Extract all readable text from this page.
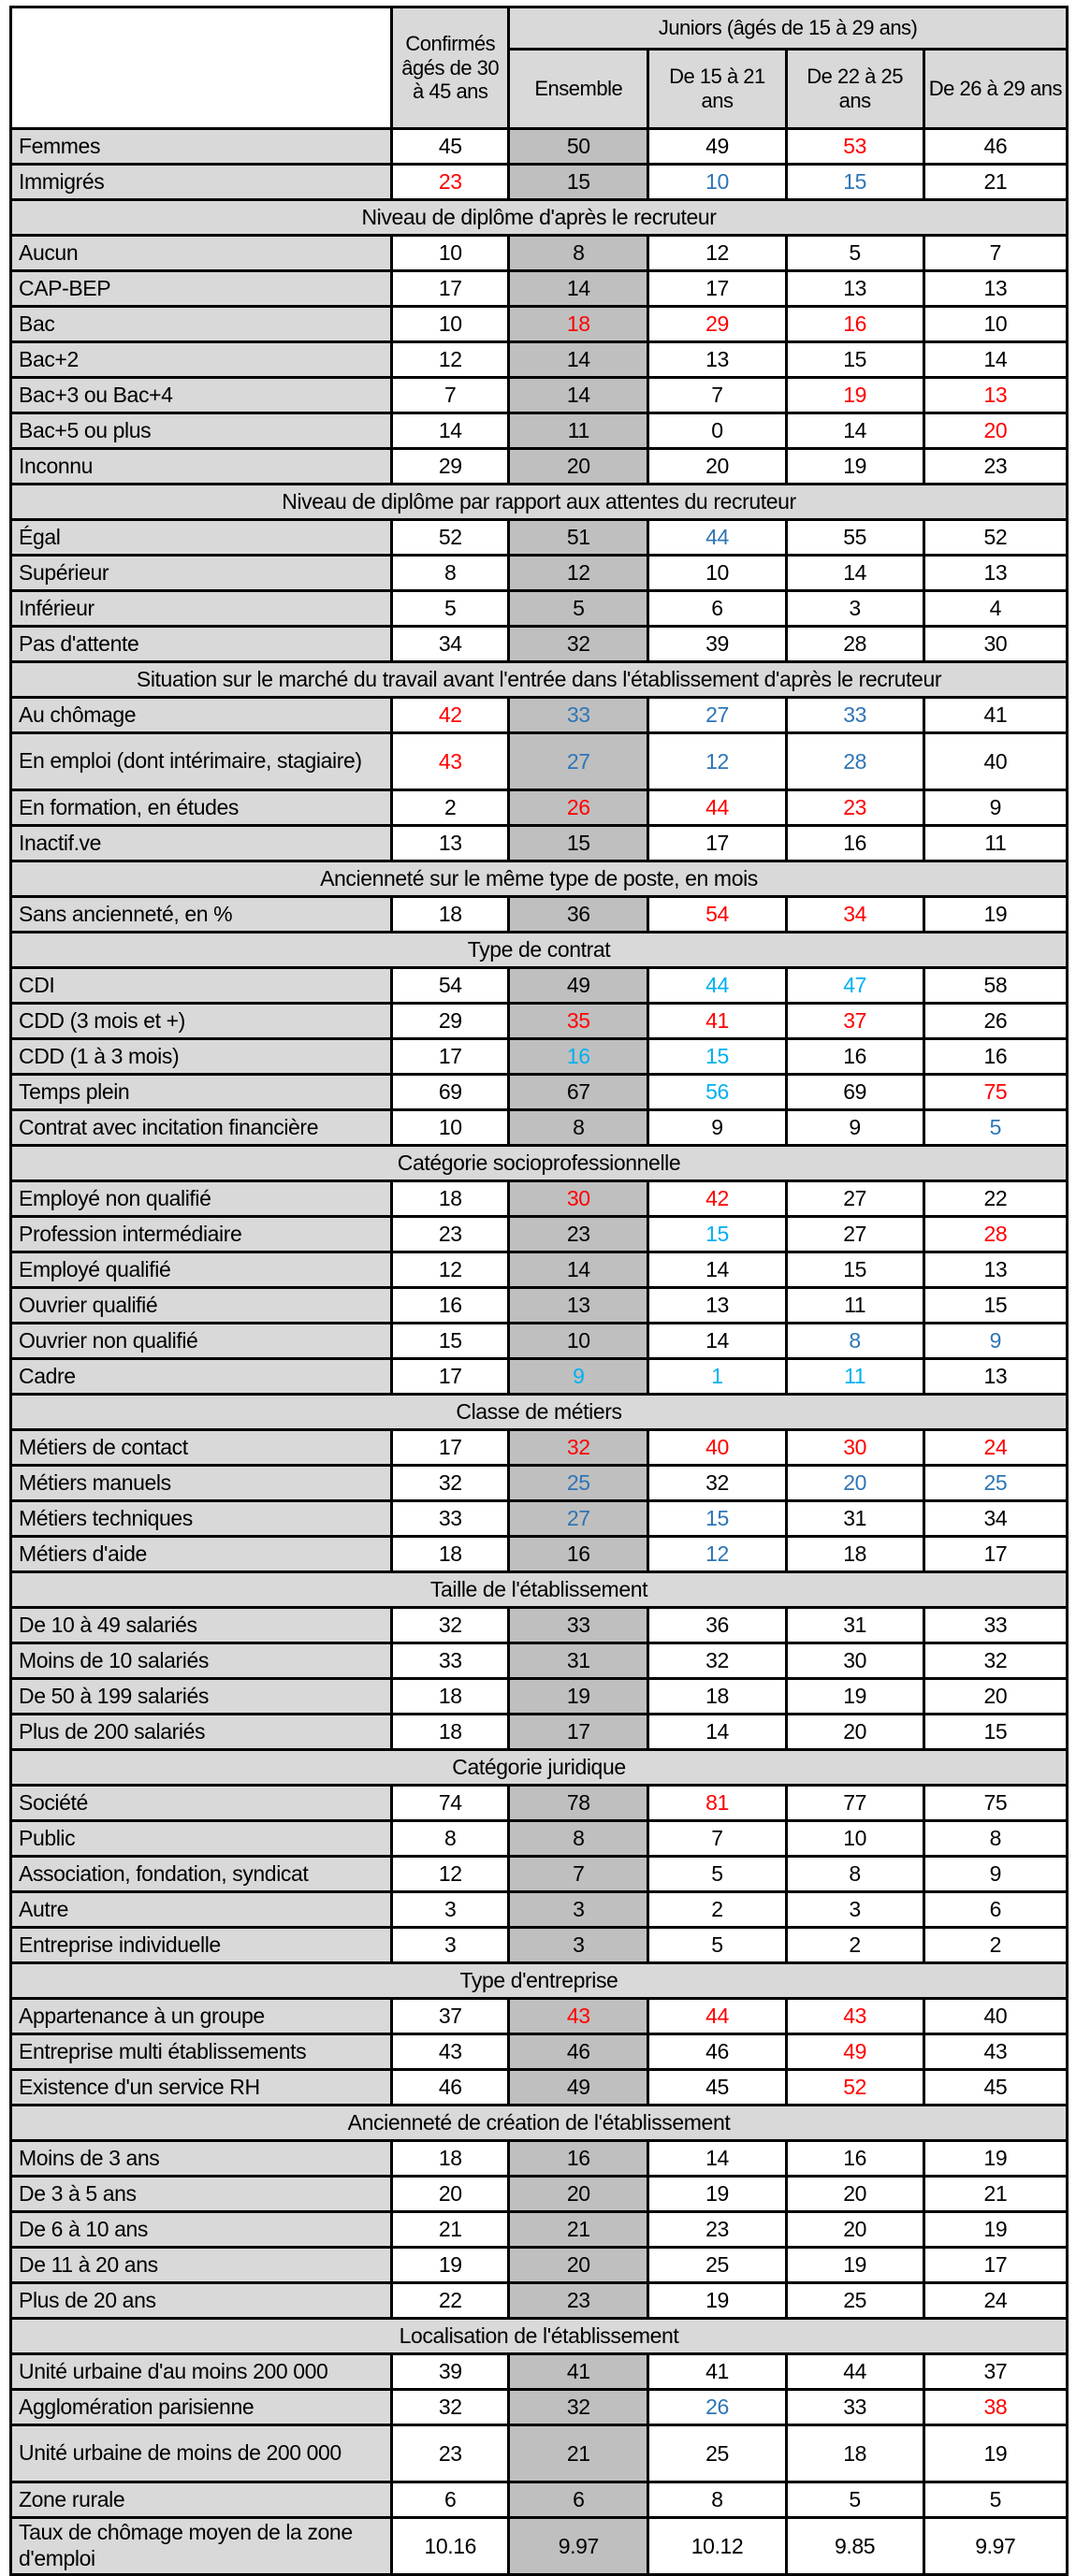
	Confirmés âgés de 30 à 45 ans	Juniors (âgés de 15 à 29 ans)			
		Ensemble	De 15 à 21 ans	De 22 à 25 ans	De 26 à 29 ans
Femmes	45	50	49	53	46
Immigrés	23	15	10	15	21
Niveau de diplôme d'après le recruteur					
Aucun	10	8	12	5	7
CAP-BEP	17	14	17	13	13
Bac	10	18	29	16	10
Bac+2	12	14	13	15	14
Bac+3 ou Bac+4	7	14	7	19	13
Bac+5 ou plus	14	11	0	14	20
Inconnu	29	20	20	19	23
Niveau de diplôme par rapport aux attentes du recruteur					
Égal	52	51	44	55	52
Supérieur	8	12	10	14	13
Inférieur	5	5	6	3	4
Pas d'attente	34	32	39	28	30
Situation sur le marché du travail avant l'entrée dans l'établissement d'après le recruteur					
Au chômage	42	33	27	33	41
En emploi (dont intérimaire, stagiaire)	43	27	12	28	40
En formation, en études	2	26	44	23	9
Inactif.ve	13	15	17	16	11
Ancienneté sur le même type de poste, en mois					
Sans ancienneté, en %	18	36	54	34	19
Type de contrat					
CDI	54	49	44	47	58
CDD (3 mois et +)	29	35	41	37	26
CDD (1 à 3 mois)	17	16	15	16	16
Temps plein	69	67	56	69	75
Contrat avec incitation financière	10	8	9	9	5
Catégorie socioprofessionnelle					
Employé non qualifié	18	30	42	27	22
Profession intermédiaire	23	23	15	27	28
Employé qualifié	12	14	14	15	13
Ouvrier qualifié	16	13	13	11	15
Ouvrier non qualifié	15	10	14	8	9
Cadre	17	9	1	11	13
Classe de métiers					
Métiers de contact	17	32	40	30	24
Métiers manuels	32	25	32	20	25
Métiers techniques	33	27	15	31	34
Métiers d'aide	18	16	12	18	17
Taille de l'établissement					
De 10 à 49 salariés	32	33	36	31	33
Moins de 10 salariés	33	31	32	30	32
De 50 à 199 salariés	18	19	18	19	20
Plus de 200 salariés	18	17	14	20	15
Catégorie juridique					
Société	74	78	81	77	75
Public	8	8	7	10	8
Association, fondation, syndicat	12	7	5	8	9
Autre	3	3	2	3	6
Entreprise individuelle	3	3	5	2	2
Type d'entreprise					
Appartenance à un groupe	37	43	44	43	40
Entreprise multi établissements	43	46	46	49	43
Existence d'un service RH	46	49	45	52	45
Ancienneté de création de l'établissement					
Moins de 3 ans	18	16	14	16	19
De 3 à 5 ans	20	20	19	20	21
De 6 à 10 ans	21	21	23	20	19
De 11 à 20 ans	19	20	25	19	17
Plus de 20 ans	22	23	19	25	24
Localisation de l'établissement					
Unité urbaine d'au moins 200 000	39	41	41	44	37
Agglomération parisienne	32	32	26	33	38
Unité urbaine de moins de 200 000	23	21	25	18	19
Zone rurale	6	6	8	5	5
Taux de chômage moyen de la zone d'emploi	10.16	9.97	10.12	9.85	9.97
